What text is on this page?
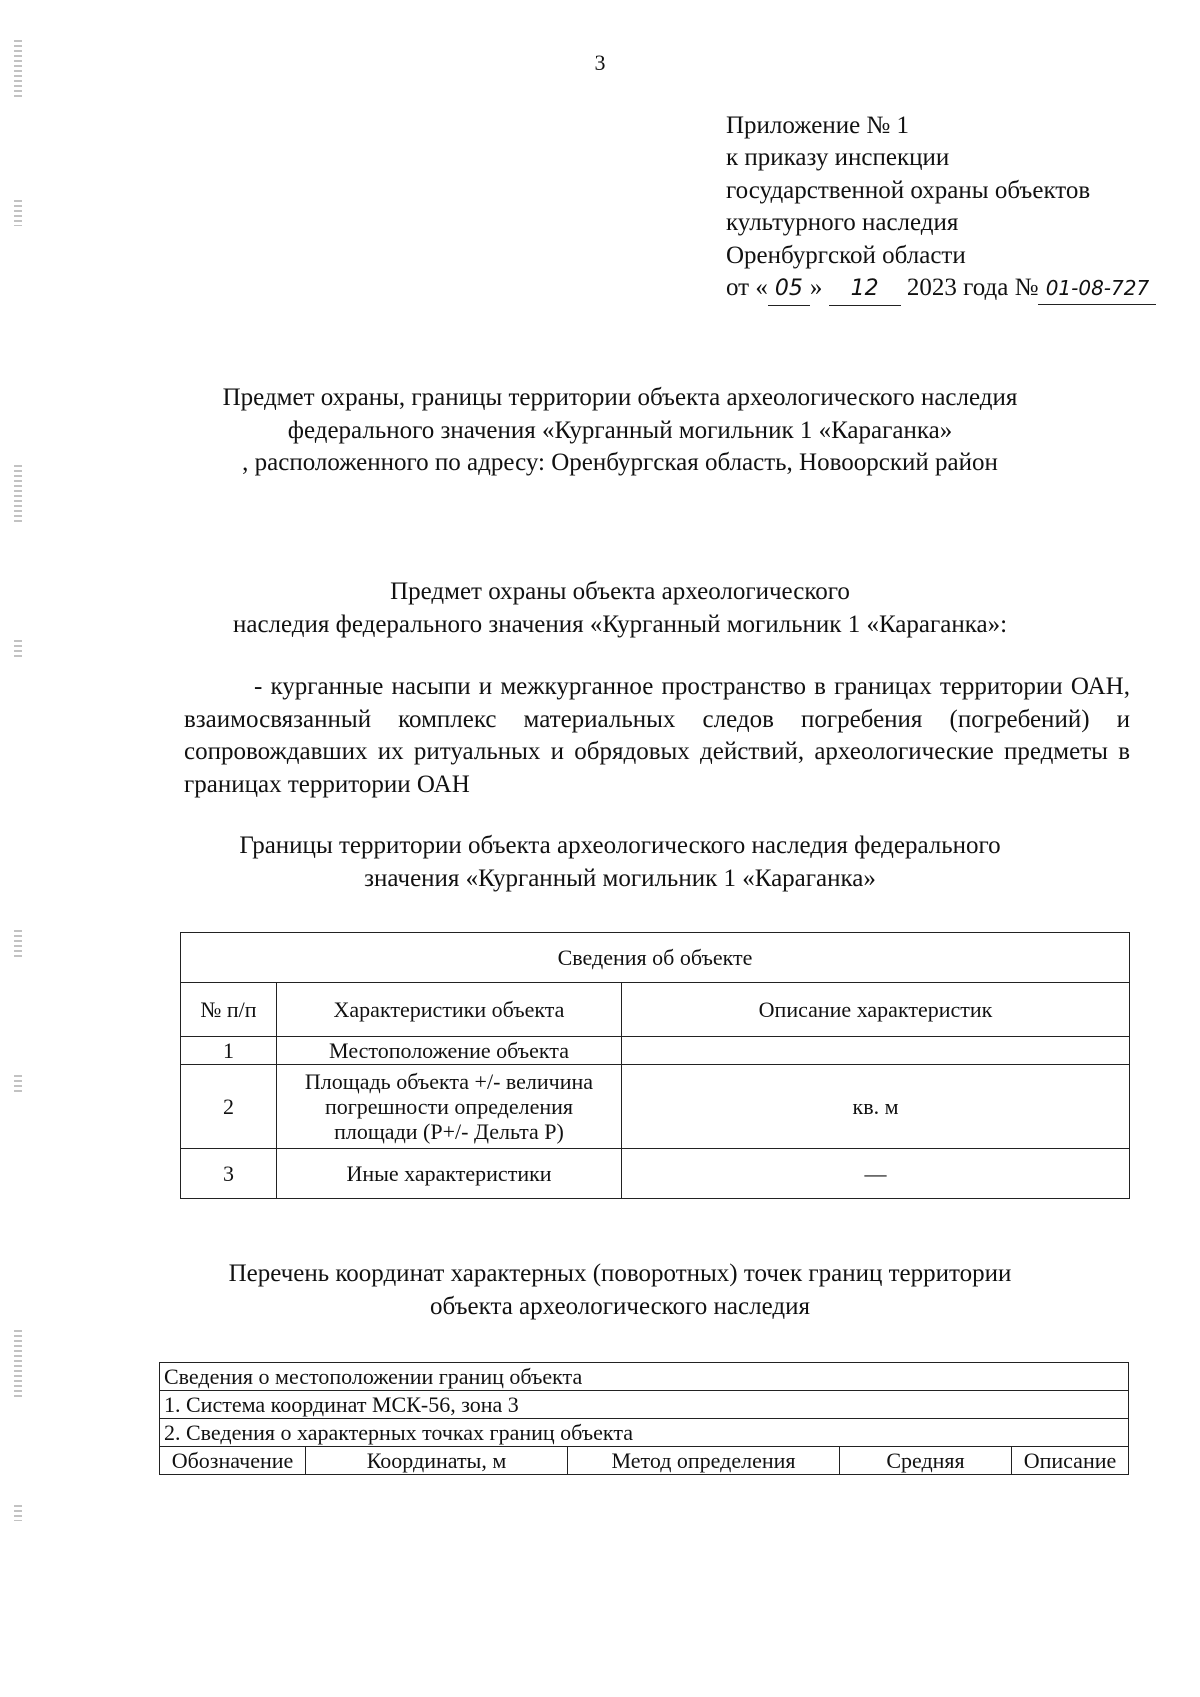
3
Приложение № 1
к приказу инспекции
государственной охраны объектов
культурного наследия
Оренбургской области
от « 05 » 12 2023 года № 01-08-727
Предмет охраны, границы территории объекта археологического наследия
федерального значения «Курганный могильник 1 «Караганка»
, расположенного по адресу: Оренбургская область, Новоорский район
Предмет охраны объекта археологического
наследия федерального значения «Курганный могильник 1 «Караганка»:
- курганные насыпи и межкурганное пространство в границах территории ОАН, взаимосвязанный комплекс материальных следов погребения (погребений) и сопровождавших их ритуальных и обрядовых действий, археологические предметы в границах территории ОАН
Границы территории объекта археологического наследия федерального
значения «Курганный могильник 1 «Караганка»
Сведения об объекте		
№ п/п	Характеристики объекта	Описание характеристик
1	Местоположение объекта	
2	Площадь объекта +/- величина погрешности определения площади (P+/- Дельта P)	кв. м
3	Иные характеристики	—
Перечень координат характерных (поворотных) точек границ территории
объекта археологического наследия
Сведения о местоположении границ объекта
1. Система координат МСК-56, зона 3
2. Сведения о характерных точках границ объекта
Обозначение	Координаты, м	Метод определения	Средняя	Описание
